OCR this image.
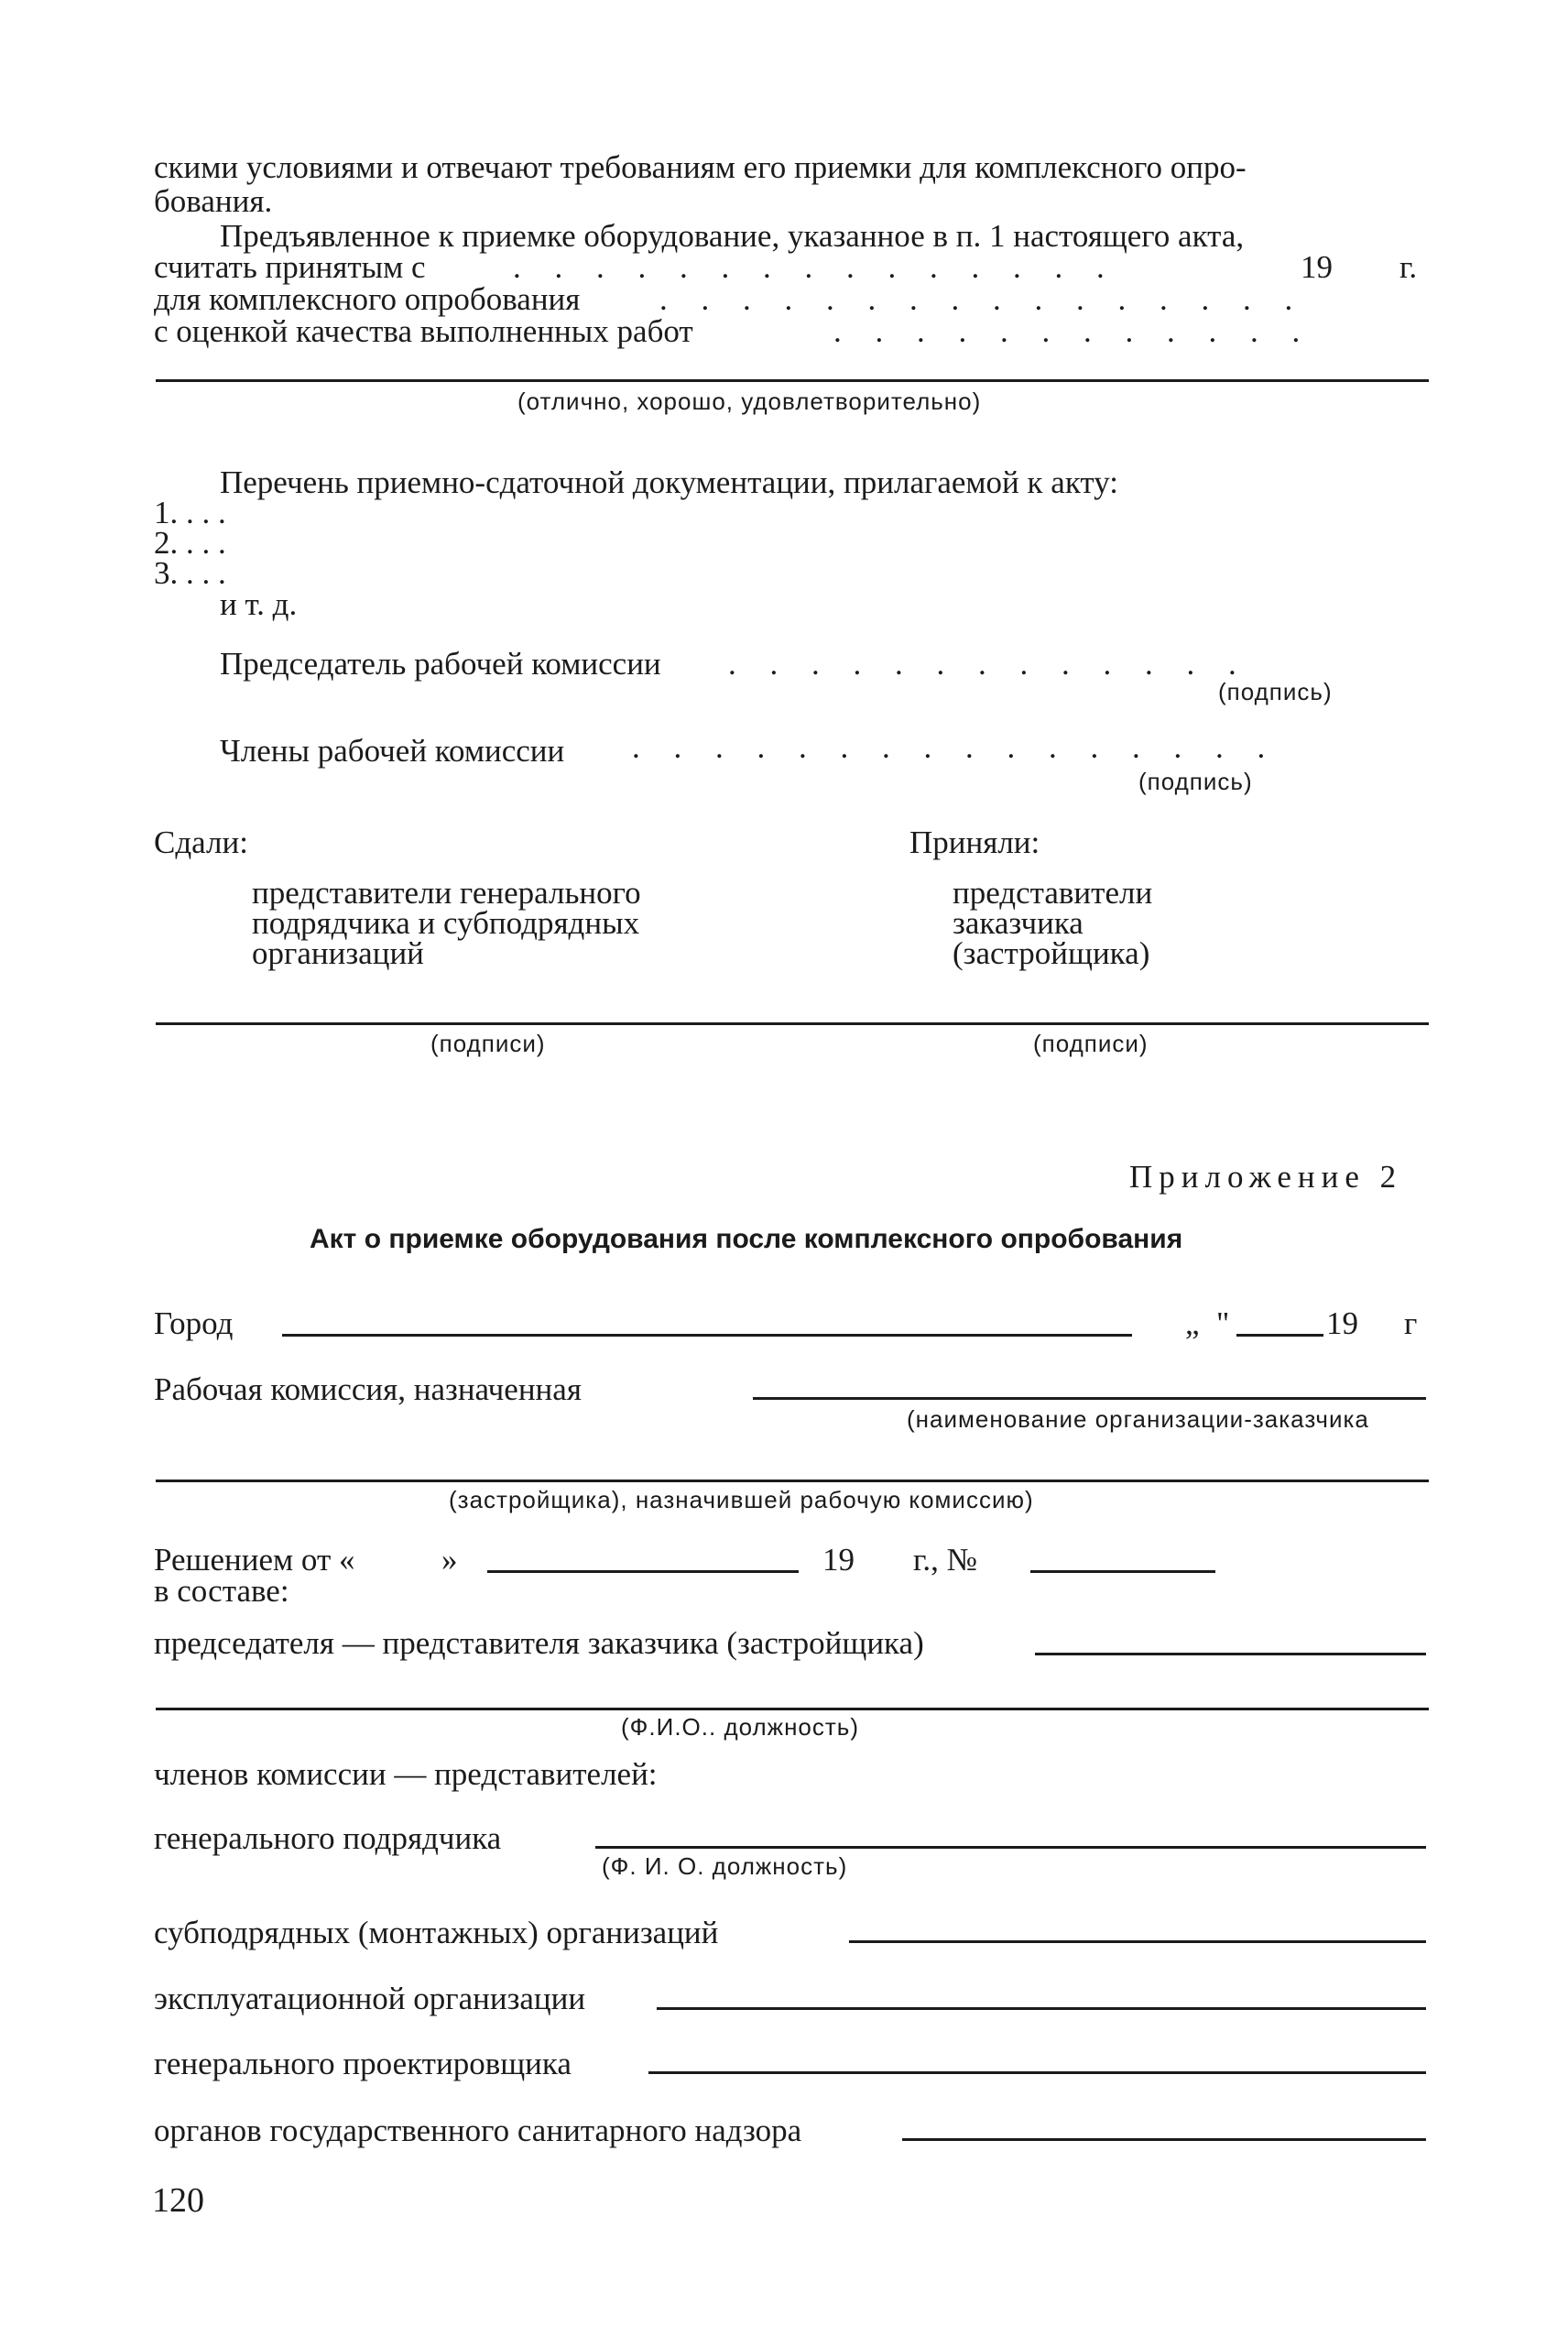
скими условиями и отвечают требованиям его приемки для комплексного опро-
бования.
Предъявленное к приемке оборудование, указанное в п. 1 настоящего акта,
считать принятым с	. . . . . . . . . . . . . . .	19 г.
для комплексного опробования . . . . . . . . . . . . . . . .
с оценкой качества выполненных работ	. . . . . . . . . . . .
(отлично, хорошо, удовлетворительно)
Перечень приемно-сдаточной документации, прилагаемой к акту:
1. . . .
2. . . .
3. . . .
и т. д.
Председатель рабочей комиссии . . . . . . . . . . . . .
(подпись)
Члены рабочей комиссии . . . . . . . . . . . . . . . .
(подпись)
Сдали:
представители генерального
подрядчика и субподрядных
организаций
Приняли:
представители
заказчика
(застройщика)
(подписи)	(подписи)
Приложение 2
Акт о приемке оборудования после комплексного опробования
Город	„ "	19 г
Рабочая комиссия, назначенная
(наименование организации-заказчика
(застройщика), назначившей рабочую комиссию)
Решением от «	»	19 г., №
в составе:
председателя — представителя заказчика (застройщика)
(Ф.И.О.. должность)
членов комиссии — представителей:
генерального подрядчика
(Ф. И. О. должность)
субподрядных (монтажных) организаций
эксплуатационной организации
генерального проектировщика
органов государственного санитарного надзора
120
